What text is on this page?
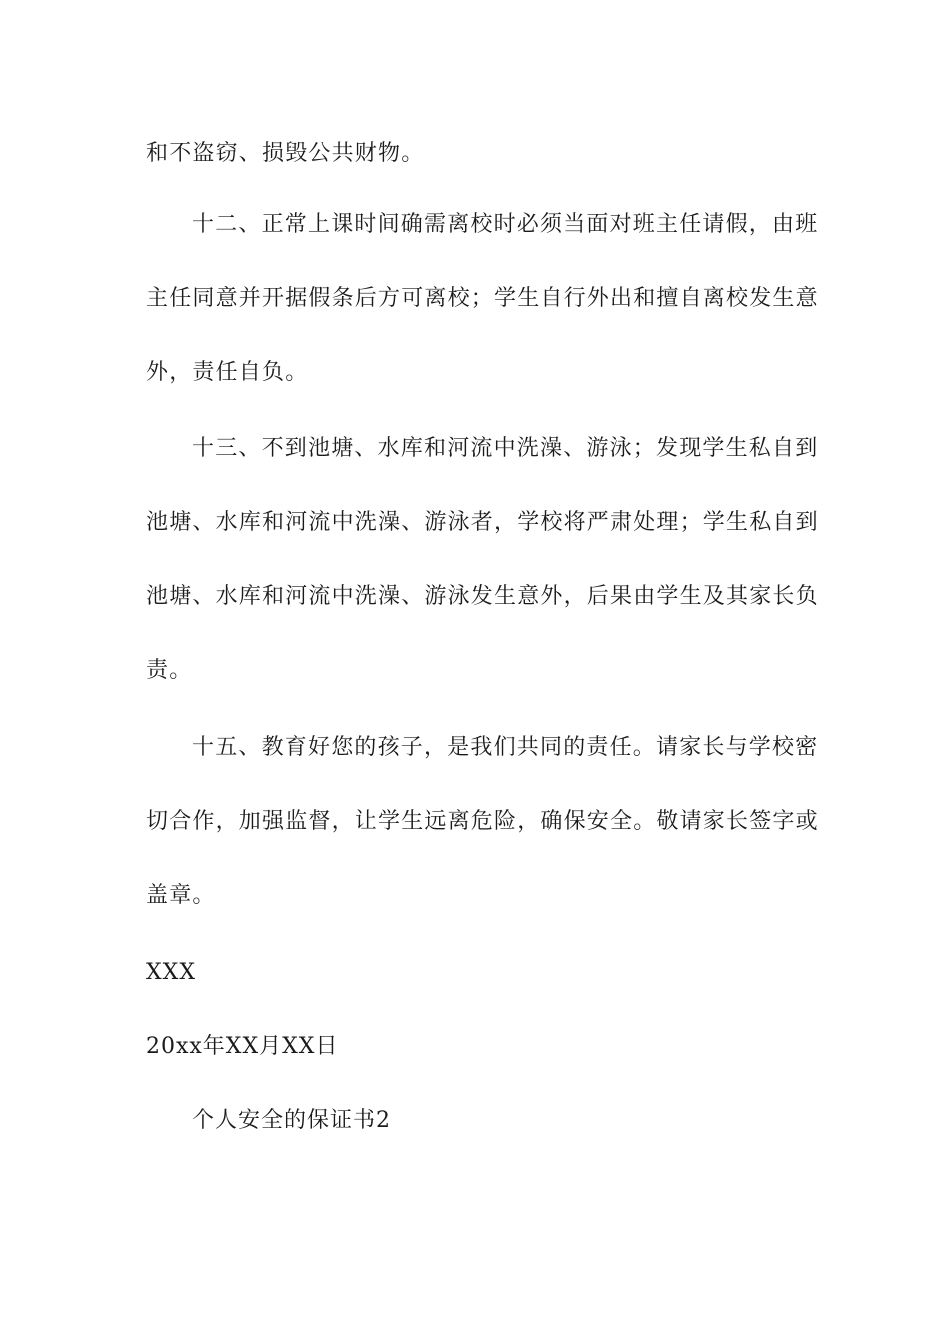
和不盗窃、损毁公共财物。

十二、正常上课时间确需离校时必须当面对班主任请假，由班
主任同意并开据假条后方可离校；学生自行外出和擅自离校发生意
外，责任自负。

十三、不到池塘、水库和河流中洗澡、游泳；发现学生私自到
池塘、水库和河流中洗澡、游泳者，学校将严肃处理；学生私自到
池塘、水库和河流中洗澡、游泳发生意外，后果由学生及其家长负
责。

十五、教育好您的孩子，是我们共同的责任。请家长与学校密
切合作，加强监督，让学生远离危险，确保安全。敬请家长签字或
盖章。

XXX

20xx年XX月XX日

个人安全的保证书2
